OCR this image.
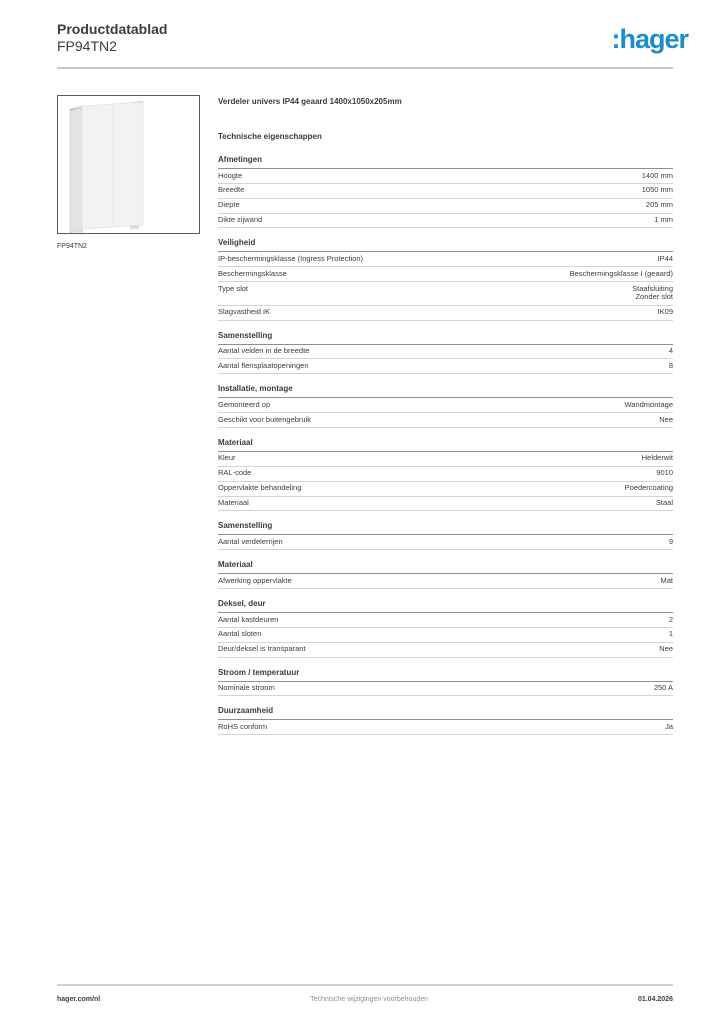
Productdatablad
FP94TN2	:hager
FP94TN2
Verdeler univers IP44 geaard 1400x1050x205mm
Technische eigenschappen
Afmetingen
Hoogte	1400 mm
Breedte	1050 mm
Diepte	205 mm
Dikte zijwand	1 mm
Veiligheid
IP-beschermingsklasse (Ingress Protection)	IP44
Beschermingsklasse	Beschermingsklasse I (geaard)
Type slot	Staafsluiting
Zonder slot
Slagvastheid IK	IK09
Samenstelling
Aantal velden in de breedte	4
Aantal flensplaatopeningen	8
Installatie, montage
Gemonteerd op	Wandmontage
Geschikt voor buitengebruik	Nee
Materiaal
Kleur	Helderwit
RAL-code	9010
Oppervlakte behandeling	Poedercoating
Materiaal	Staal
Samenstelling
Aantal verdelerrijen	9
Materiaal
Afwerking oppervlakte	Mat
Deksel, deur
Aantal kastdeuren	2
Aantal sloten	1
Deur/deksel is transparant	Nee
Stroom / temperatuur
Nominale stroom	250 A
Duurzaamheid
RoHS conform	Ja
hager.com/nl	Technische wijzigingen voorbehouden	01.04.2026
